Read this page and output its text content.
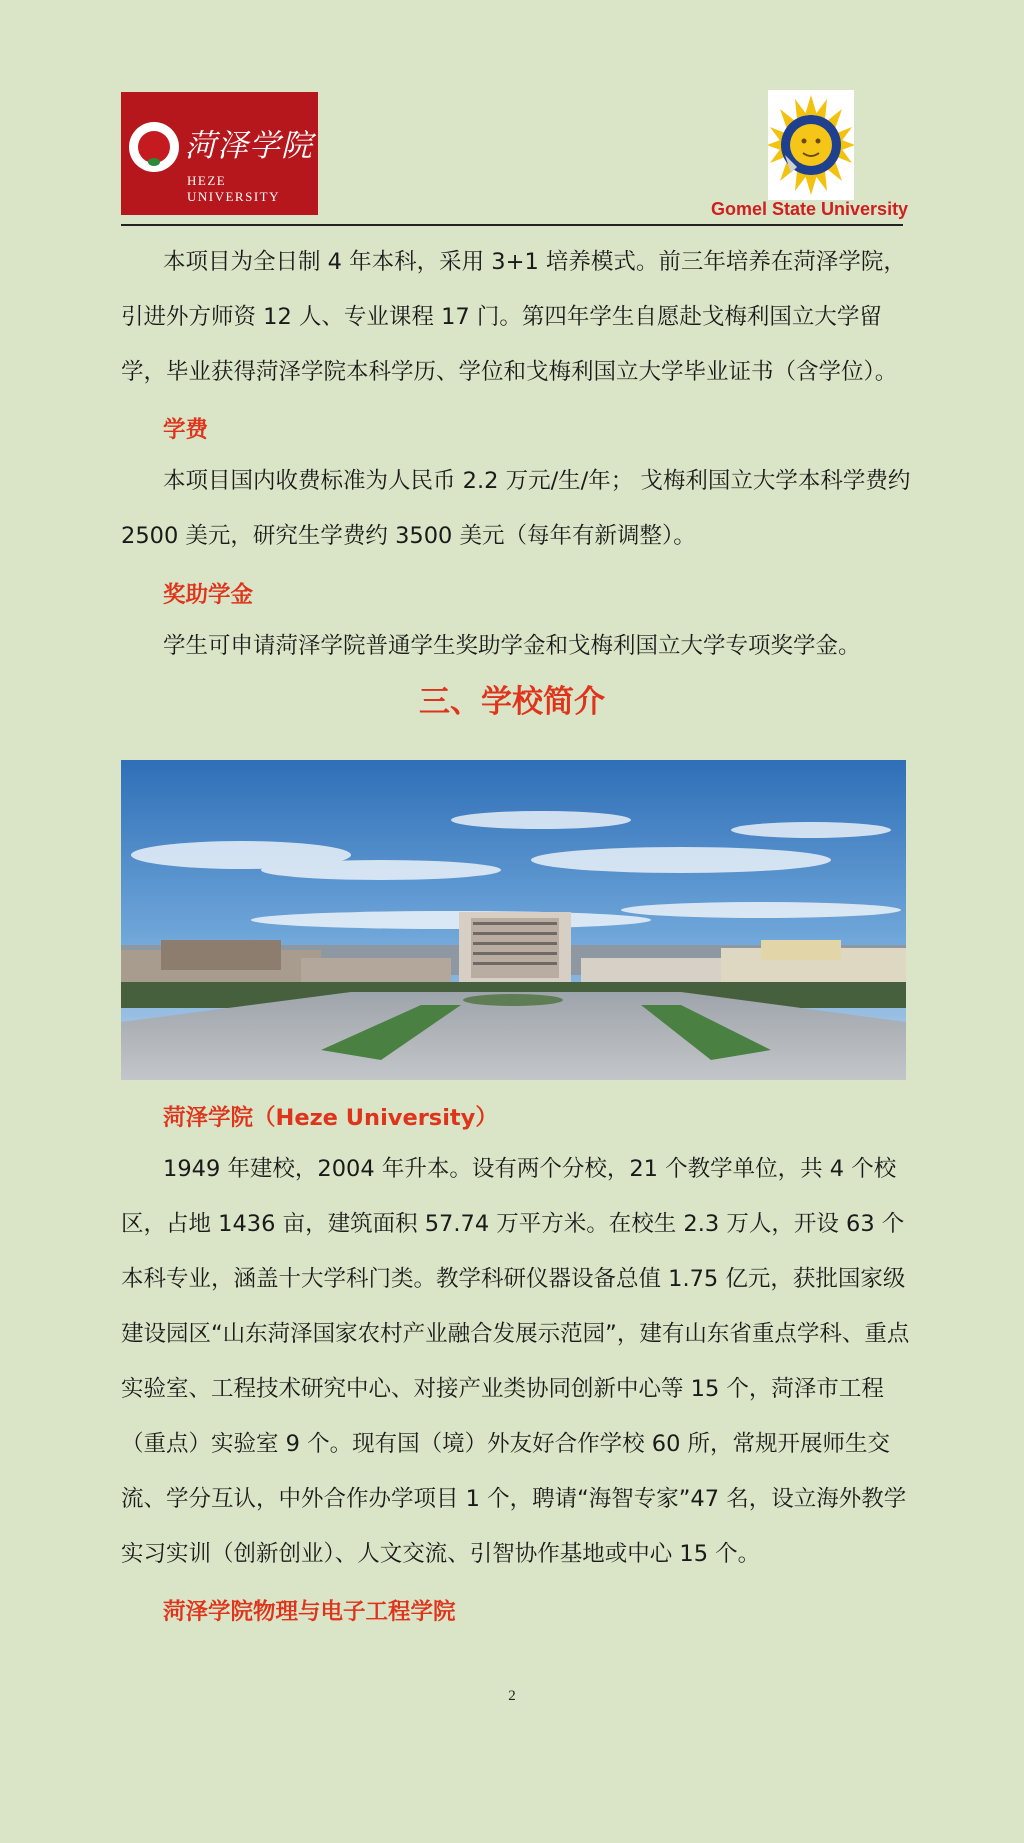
菏泽学院
HEZE UNIVERSITY
Gomel State University

本项目为全日制 4 年本科，采用 3+1 培养模式。前三年培养在菏泽学院，引进外方师资 12 人、专业课程 17 门。第四年学生自愿赴戈梅利国立大学留学，毕业获得菏泽学院本科学历、学位和戈梅利国立大学毕业证书（含学位）。

学费

本项目国内收费标准为人民币 2.2 万元/生/年； 戈梅利国立大学本科学费约 2500 美元，研究生学费约 3500 美元（每年有新调整）。

奖助学金

学生可申请菏泽学院普通学生奖助学金和戈梅利国立大学专项奖学金。

三、学校简介

菏泽学院（Heze University）

1949 年建校，2004 年升本。设有两个分校，21 个教学单位，共 4 个校区，占地 1436 亩，建筑面积 57.74 万平方米。在校生 2.3 万人，开设 63 个本科专业，涵盖十大学科门类。教学科研仪器设备总值 1.75 亿元，获批国家级建设园区“山东菏泽国家农村产业融合发展示范园”，建有山东省重点学科、重点实验室、工程技术研究中心、对接产业类协同创新中心等 15 个，菏泽市工程（重点）实验室 9 个。现有国（境）外友好合作学校 60 所，常规开展师生交流、学分互认，中外合作办学项目 1 个，聘请“海智专家”47 名，设立海外教学实习实训（创新创业）、人文交流、引智协作基地或中心 15 个。

菏泽学院物理与电子工程学院

2
